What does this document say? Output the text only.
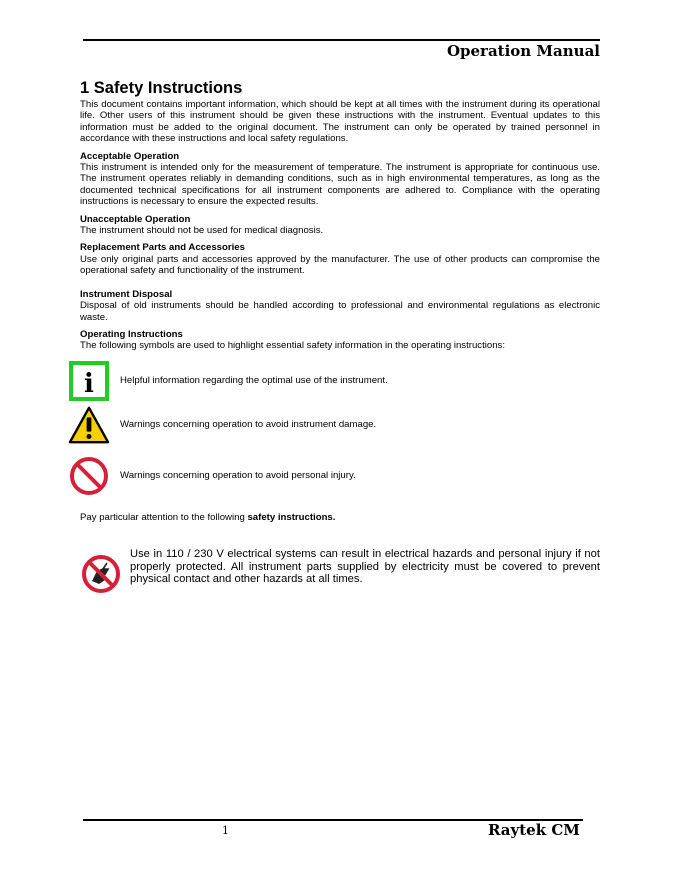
Operation Manual
1 Safety Instructions

This document contains important information, which should be kept at all times with the instrument during its operational life. Other users of this instrument should be given these instructions with the instrument. Eventual updates to this information must be added to the original document. The instrument can only be operated by trained personnel in accordance with these instructions and local safety regulations.

Acceptable Operation

This instrument is intended only for the measurement of temperature. The instrument is appropriate for continuous use. The instrument operates reliably in demanding conditions, such as in high environmental temperatures, as long as the documented technical specifications for all instrument components are adhered to. Compliance with the operating instructions is necessary to ensure the expected results.

Unacceptable Operation

The instrument should not be used for medical diagnosis.

Replacement Parts and Accessories

Use only original parts and accessories approved by the manufacturer. The use of other products can compromise the operational safety and functionality of the instrument.

Instrument Disposal

Disposal of old instruments should be handled according to professional and environmental regulations as electronic waste.

Operating Instructions

The following symbols are used to highlight essential safety information in the operating instructions:

i	Helpful information regarding the optimal use of the instrument.
Warnings concerning operation to avoid instrument damage.
Warnings concerning operation to avoid personal injury.
Pay particular attention to the following safety instructions.
Use in 110 / 230 V electrical systems can result in electrical hazards and personal injury if not properly protected. All instrument parts supplied by electricity must be covered to prevent physical contact and other hazards at all times.
1	Raytek CM
